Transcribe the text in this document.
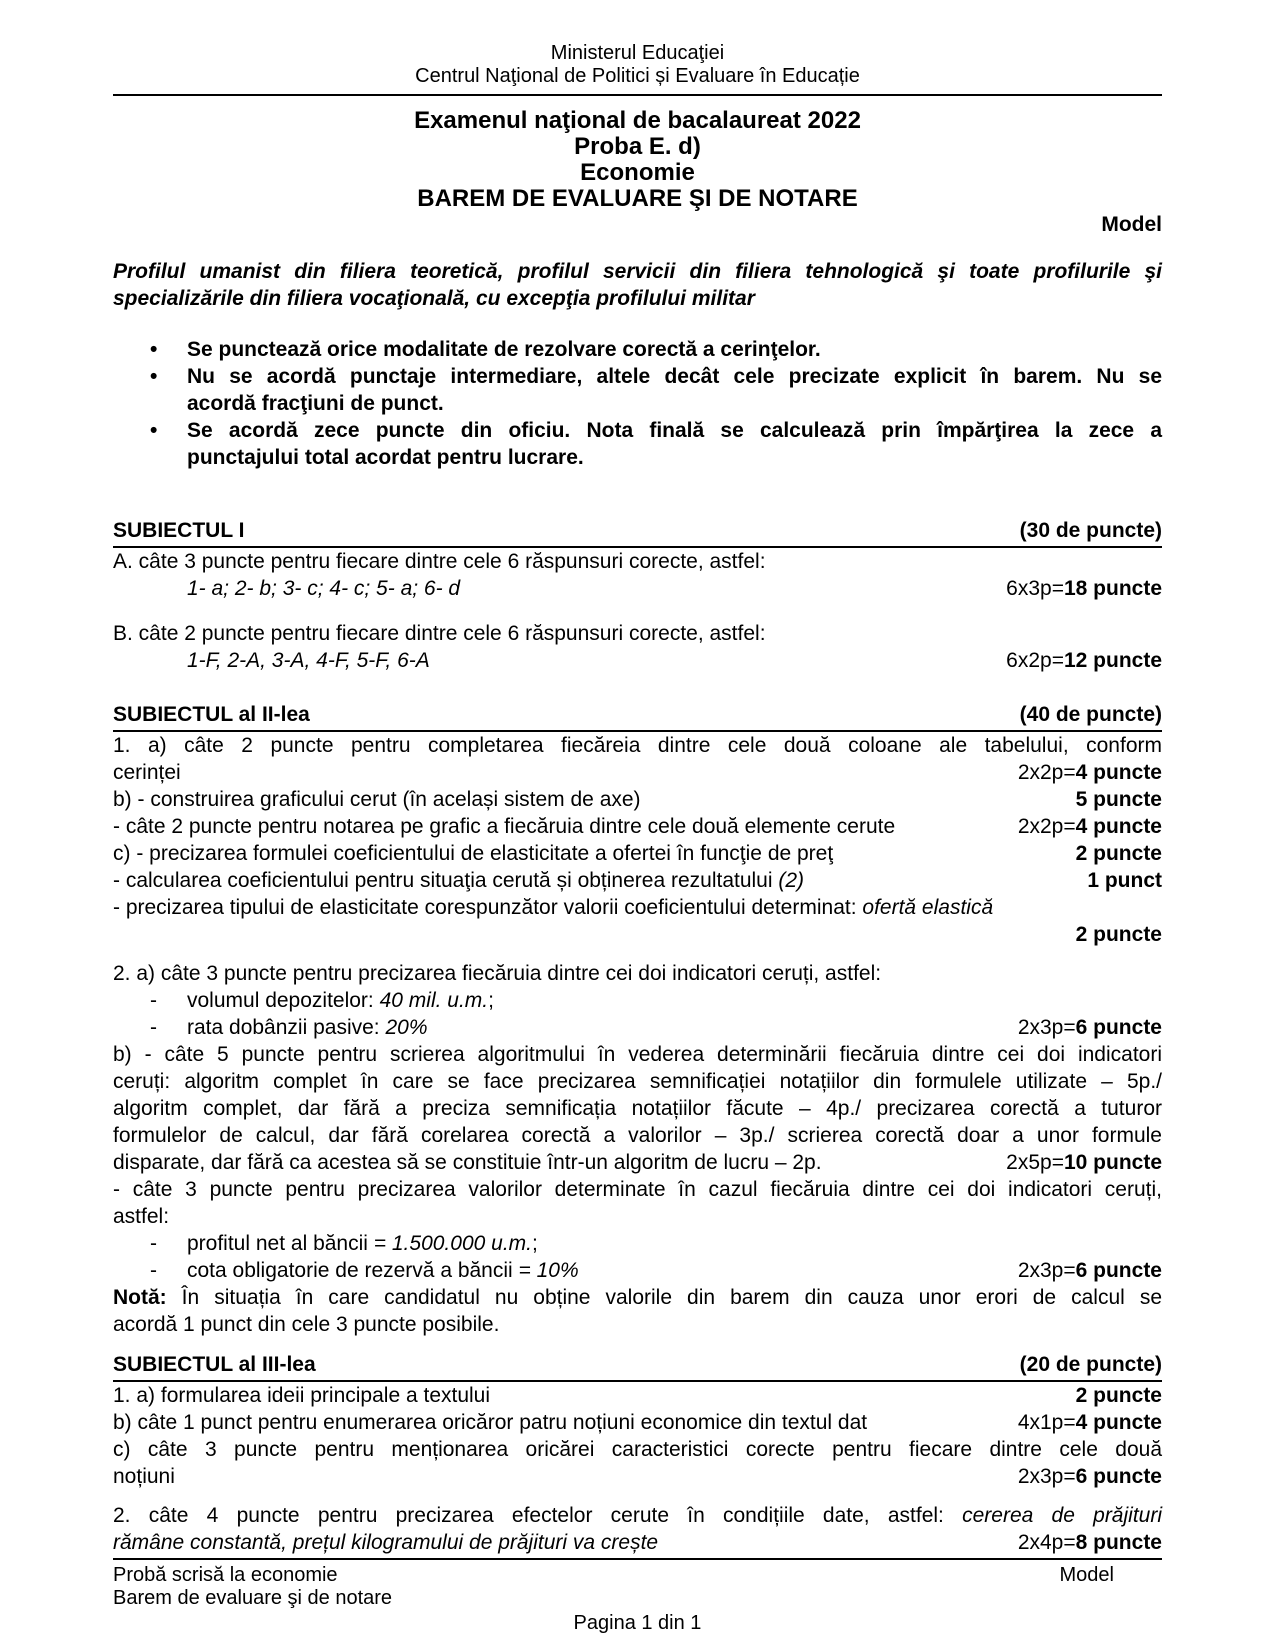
Ministerul Educaţiei
Centrul Naţional de Politici și Evaluare în Educație
Examenul naţional de bacalaureat 2022
Proba E. d)
Economie
BAREM DE EVALUARE ŞI DE NOTARE
Model
Profilul umanist din filiera teoretică, profilul servicii din filiera tehnologică şi toate profilurile şi
specializările din filiera vocaţională, cu excepţia profilului militar
•	Se punctează orice modalitate de rezolvare corectă a cerinţelor.
•	Nu se acordă punctaje intermediare, altele decât cele precizate explicit în barem. Nu se
acordă fracţiuni de punct.
•	Se acordă zece puncte din oficiu. Nota finală se calculează prin împărţirea la zece a
punctajului total acordat pentru lucrare.
SUBIECTUL I	(30 de puncte)
A. câte 3 puncte pentru fiecare dintre cele 6 răspunsuri corecte, astfel:
1- a; 2- b; 3- c; 4- c; 5- a; 6- d	6x3p=18 puncte
B. câte 2 puncte pentru fiecare dintre cele 6 răspunsuri corecte, astfel:
1-F, 2-A, 3-A, 4-F, 5-F, 6-A	6x2p=12 puncte
SUBIECTUL al II-lea	(40 de puncte)
1. a) câte 2 puncte pentru completarea fiecăreia dintre cele două coloane ale tabelului, conform
cerinței	2x2p=4 puncte
b) - construirea graficului cerut (în același sistem de axe)	5 puncte
- câte 2 puncte pentru notarea pe grafic a fiecăruia dintre cele două elemente cerute	2x2p=4 puncte
c) - precizarea formulei coeficientului de elasticitate a ofertei în funcţie de preţ	2 puncte
- calcularea coeficientului pentru situaţia cerută și obținerea rezultatului (2)	1 punct
- precizarea tipului de elasticitate corespunzător valorii coeficientului determinat: ofertă elastică
2 puncte
2. a) câte 3 puncte pentru precizarea fiecăruia dintre cei doi indicatori ceruți, astfel:
-	volumul depozitelor: 40 mil. u.m.;
-	rata dobânzii pasive: 20%	2x3p=6 puncte
b) - câte 5 puncte pentru scrierea algoritmului în vederea determinării fiecăruia dintre cei doi indicatori
ceruți: algoritm complet în care se face precizarea semnificației notațiilor din formulele utilizate – 5p./
algoritm complet, dar fără a preciza semnificația notațiilor făcute – 4p./ precizarea corectă a tuturor
formulelor de calcul, dar fără corelarea corectă a valorilor – 3p./ scrierea corectă doar a unor formule
disparate, dar fără ca acestea să se constituie într-un algoritm de lucru – 2p.	2x5p=10 puncte
- câte 3 puncte pentru precizarea valorilor determinate în cazul fiecăruia dintre cei doi indicatori ceruți,
astfel:
-	profitul net al băncii = 1.500.000 u.m.;
-	cota obligatorie de rezervă a băncii = 10%	2x3p=6 puncte
Notă: În situația în care candidatul nu obține valorile din barem din cauza unor erori de calcul se
acordă 1 punct din cele 3 puncte posibile.
SUBIECTUL al III-lea	(20 de puncte)
1. a) formularea ideii principale a textului	2 puncte
b) câte 1 punct pentru enumerarea oricăror patru noțiuni economice din textul dat	4x1p=4 puncte
c) câte 3 puncte pentru menționarea oricărei caracteristici corecte pentru fiecare dintre cele două
noțiuni	2x3p=6 puncte
2. câte 4 puncte pentru precizarea efectelor cerute în condițiile date, astfel: cererea de prăjituri
rămâne constantă, prețul kilogramului de prăjituri va crește	2x4p=8 puncte
Probă scrisă la economie	Model
Barem de evaluare şi de notare
Pagina 1 din 1
